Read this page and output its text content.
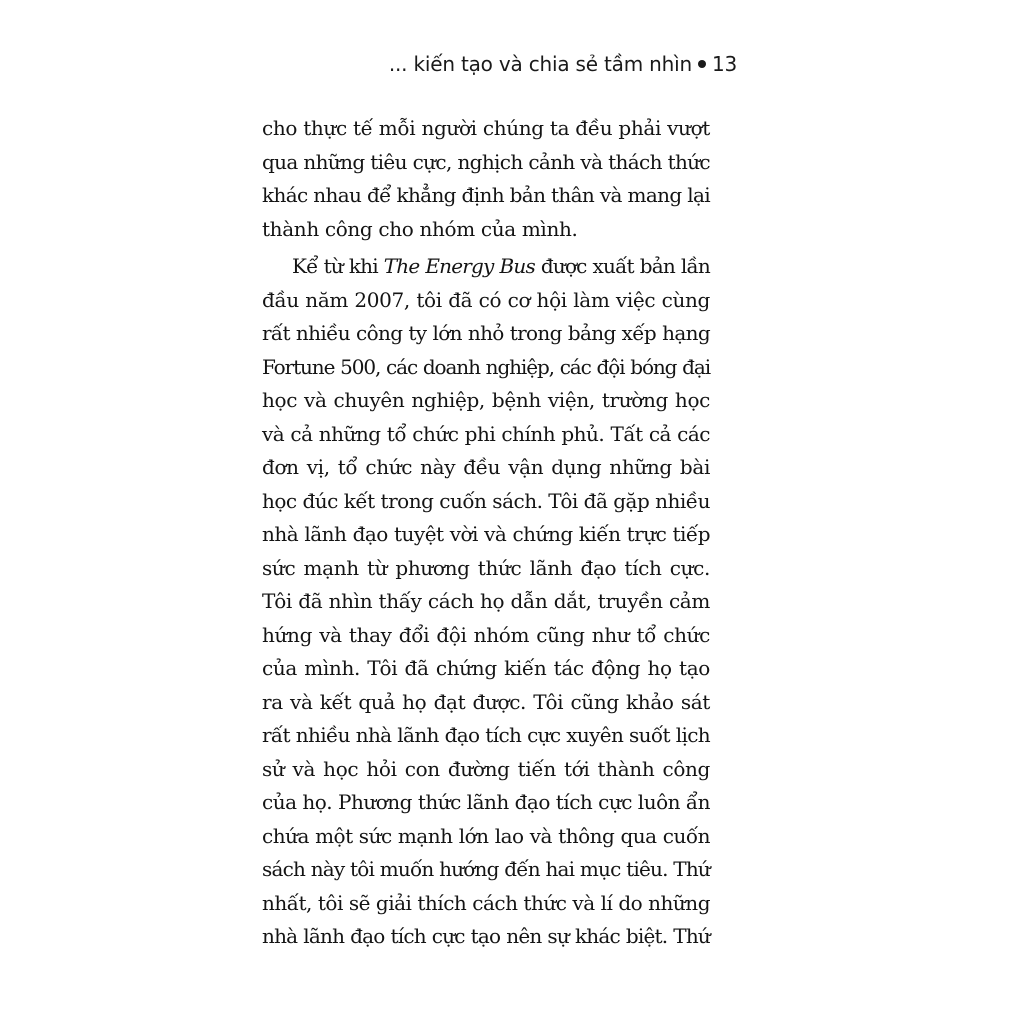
... kiến tạo và chia sẻ tầm nhìn 13
cho thực tế mỗi người chúng ta đều phải vượt
qua những tiêu cực, nghịch cảnh và thách thức
khác nhau để khẳng định bản thân và mang lại
thành công cho nhóm của mình.
Kể từ khi The Energy Bus được xuất bản lần
đầu năm 2007, tôi đã có cơ hội làm việc cùng
rất nhiều công ty lớn nhỏ trong bảng xếp hạng
Fortune 500, các doanh nghiệp, các đội bóng đại
học và chuyên nghiệp, bệnh viện, trường học
và cả những tổ chức phi chính phủ. Tất cả các
đơn vị, tổ chức này đều vận dụng những bài
học đúc kết trong cuốn sách. Tôi đã gặp nhiều
nhà lãnh đạo tuyệt vời và chứng kiến trực tiếp
sức mạnh từ phương thức lãnh đạo tích cực.
Tôi đã nhìn thấy cách họ dẫn dắt, truyền cảm
hứng và thay đổi đội nhóm cũng như tổ chức
của mình. Tôi đã chứng kiến tác động họ tạo
ra và kết quả họ đạt được. Tôi cũng khảo sát
rất nhiều nhà lãnh đạo tích cực xuyên suốt lịch
sử và học hỏi con đường tiến tới thành công
của họ. Phương thức lãnh đạo tích cực luôn ẩn
chứa một sức mạnh lớn lao và thông qua cuốn
sách này tôi muốn hướng đến hai mục tiêu. Thứ
nhất, tôi sẽ giải thích cách thức và lí do những
nhà lãnh đạo tích cực tạo nên sự khác biệt. Thứ
